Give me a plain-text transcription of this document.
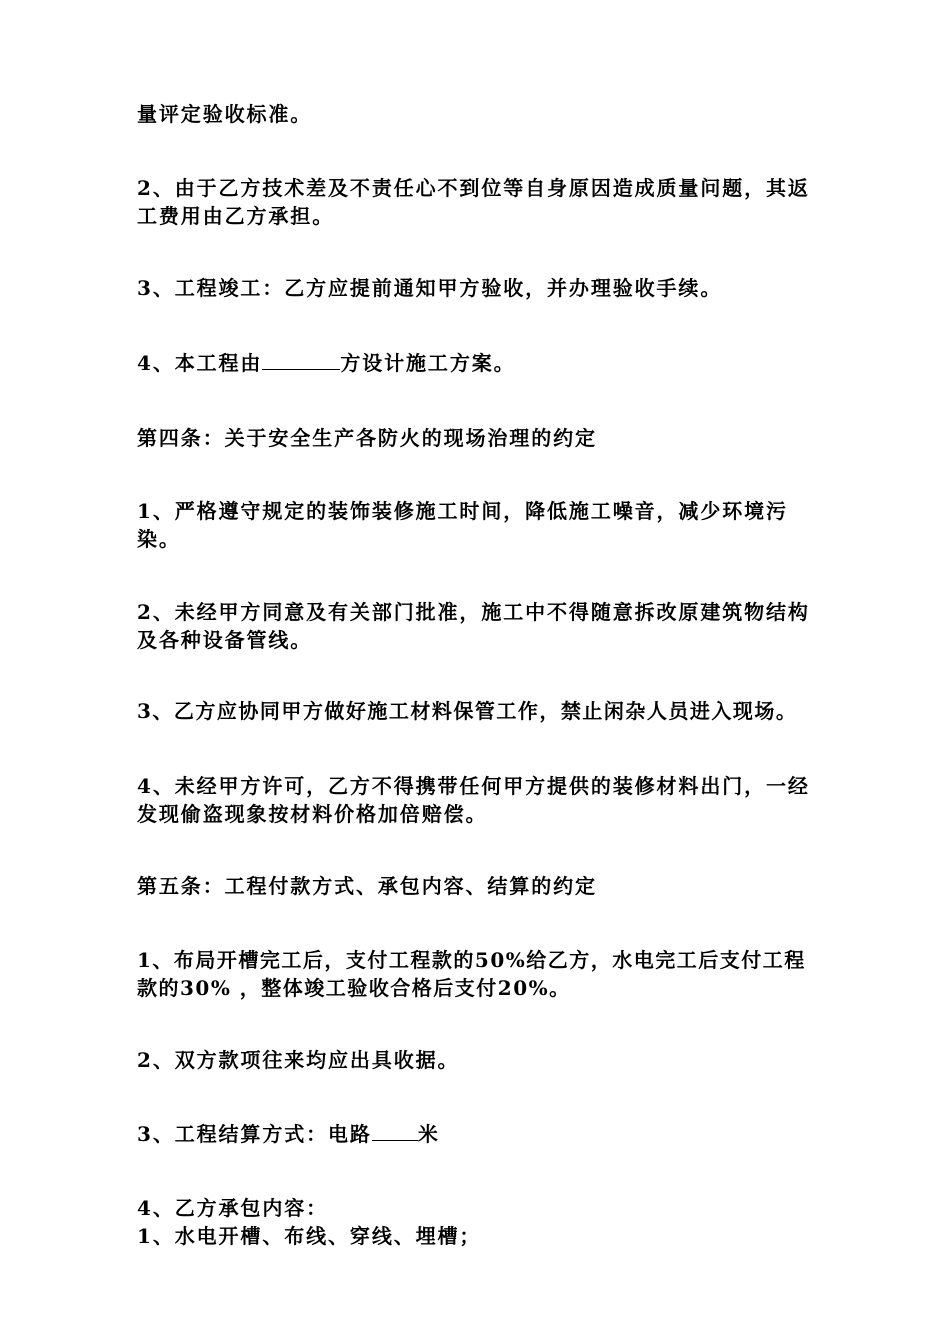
量评定验收标准。

2、由于乙方技术差及不责任心不到位等自身原因造成质量问题，其返工费用由乙方承担。

3、工程竣工：乙方应提前通知甲方验收，并办理验收手续。

4、本工程由	方设计施工方案。

第四条：关于安全生产各防火的现场治理的约定

1、严格遵守规定的装饰装修施工时间，降低施工噪音，减少环境污染。

2、未经甲方同意及有关部门批准，施工中不得随意拆改原建筑物结构及各种设备管线。

3、乙方应协同甲方做好施工材料保管工作，禁止闲杂人员进入现场。

4、未经甲方许可，乙方不得携带任何甲方提供的装修材料出门，一经发现偷盗现象按材料价格加倍赔偿。

第五条：工程付款方式、承包内容、结算的约定

1、布局开槽完工后，支付工程款的50%给乙方，水电完工后支付工程款的30% ，整体竣工验收合格后支付20%。

2、双方款项往来均应出具收据。

3、工程结算方式：电路 米

4、乙方承包内容：

1、水电开槽、布线、穿线、埋槽；
